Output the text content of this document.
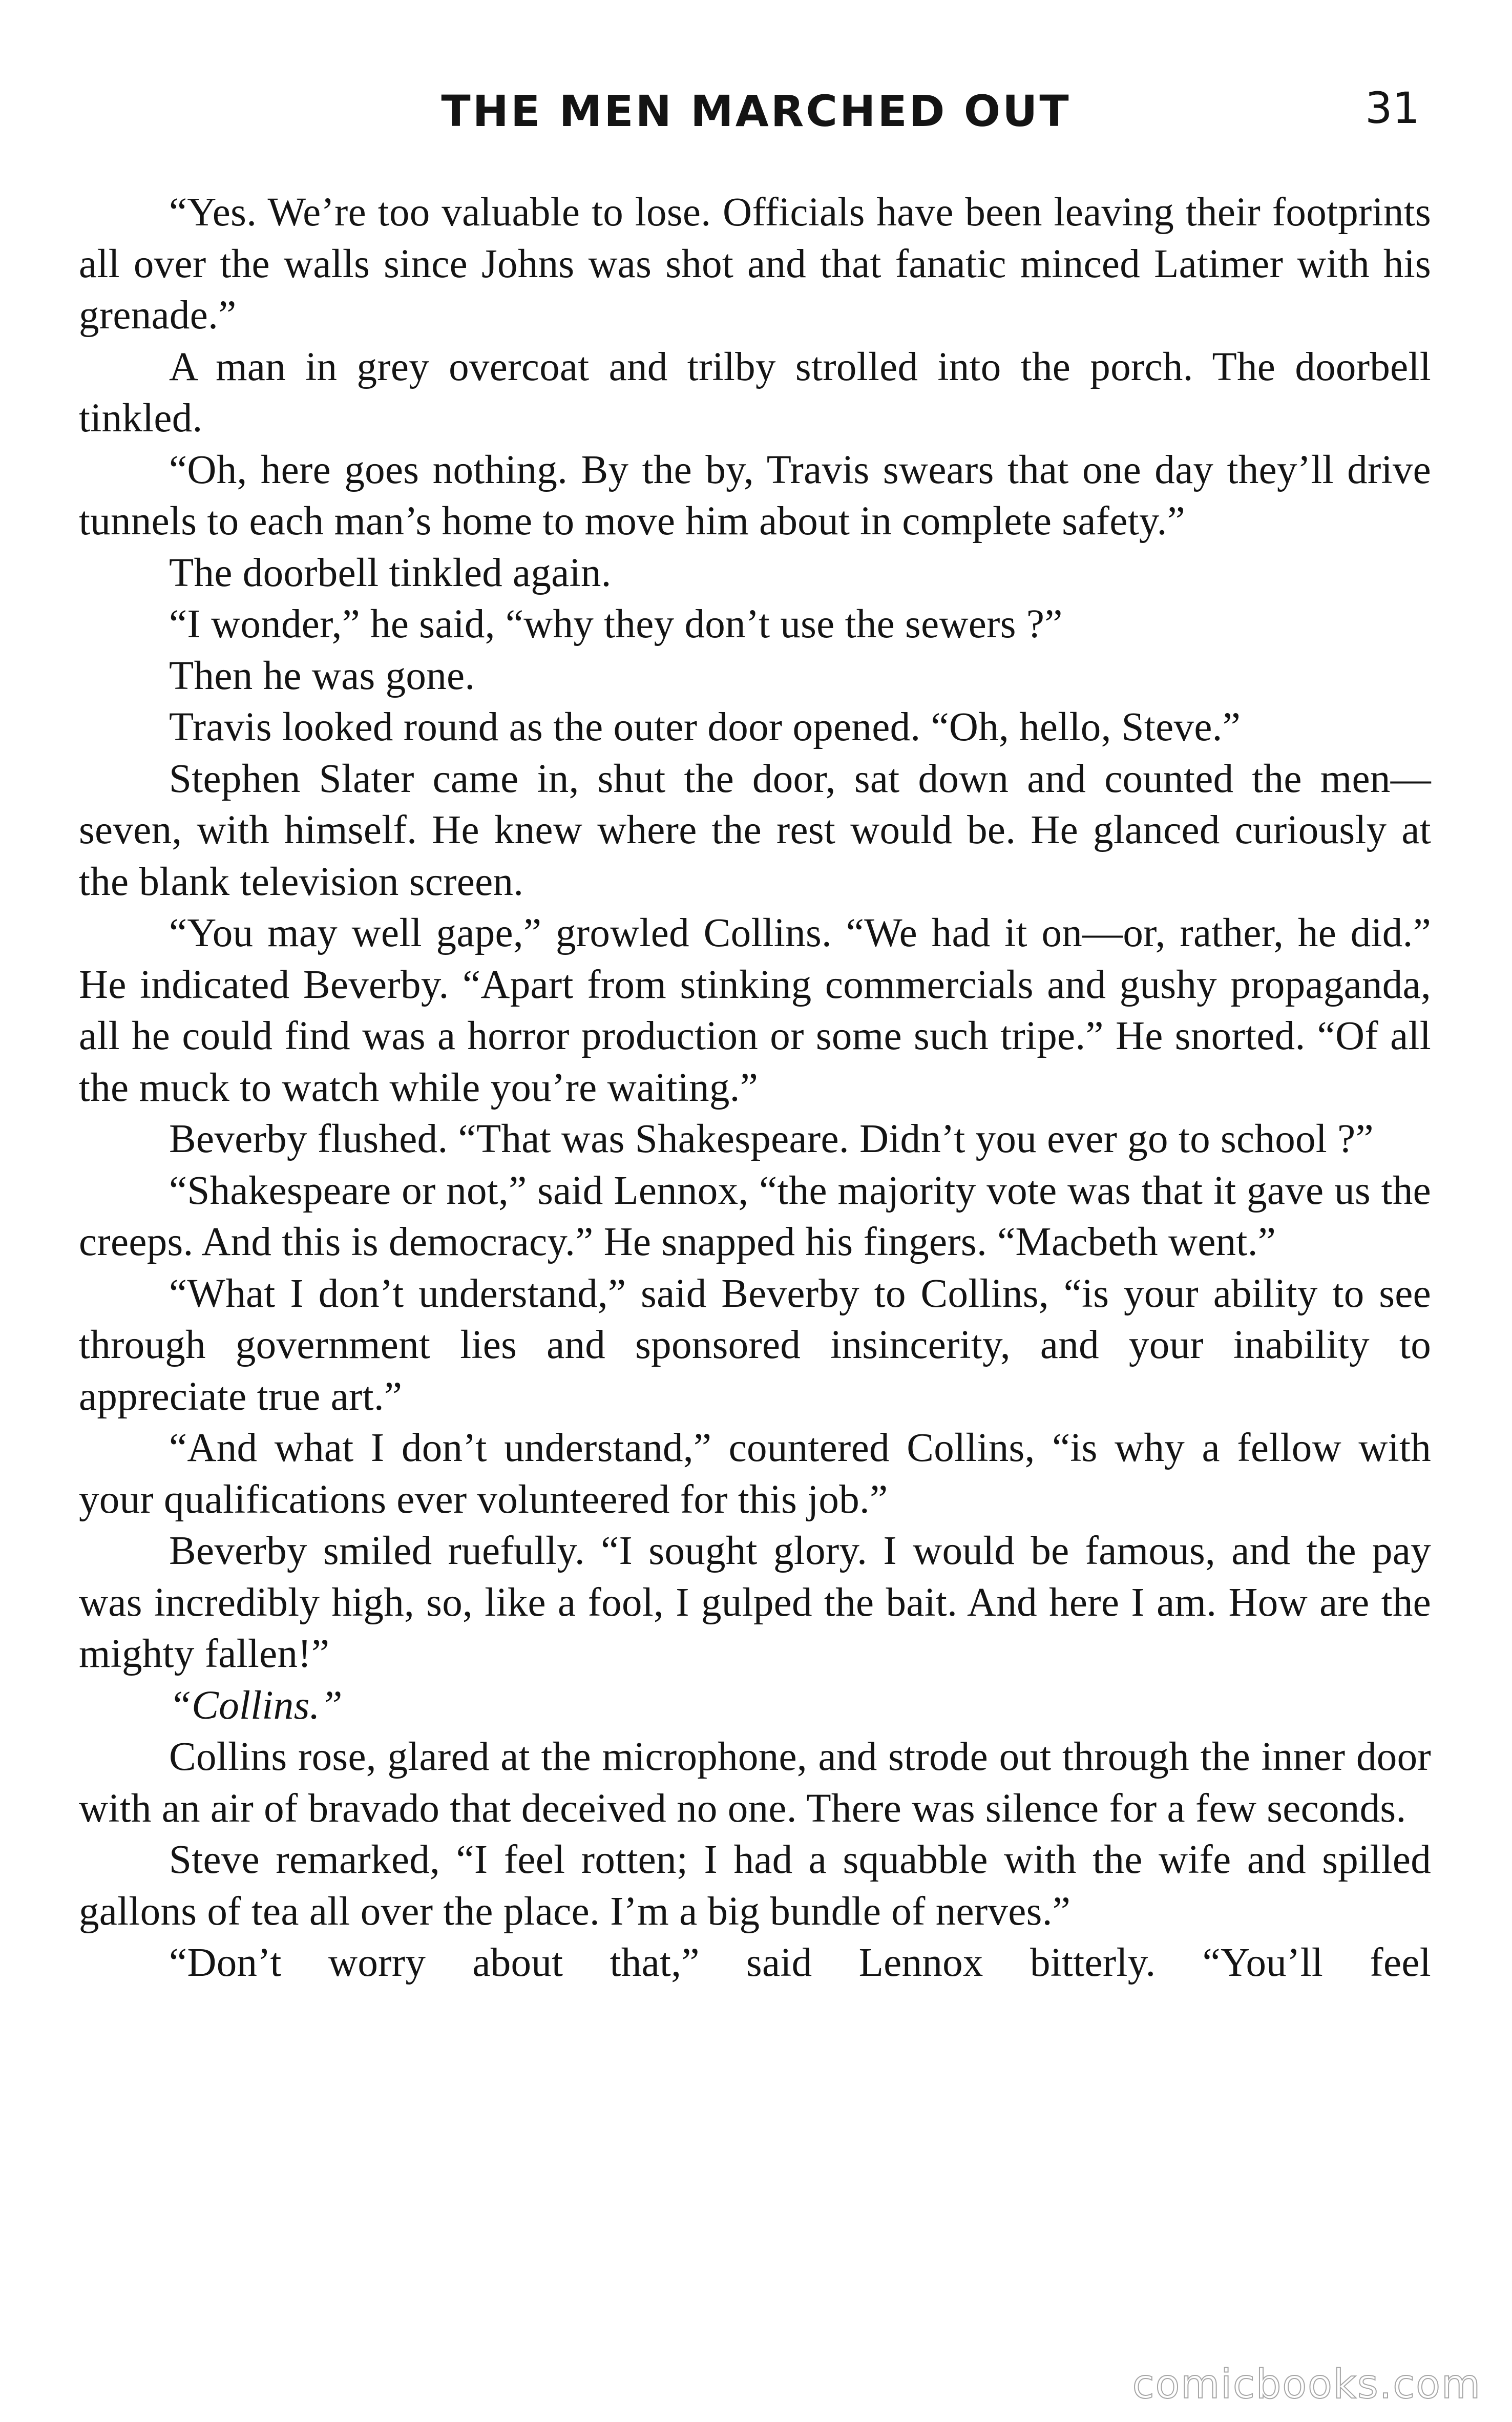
THE MEN MARCHED OUT	31

“Yes. We’re too valuable to lose. Officials have been leaving their footprints all over the walls since Johns was shot and that fanatic minced Latimer with his grenade.”

A man in grey overcoat and trilby strolled into the porch. The doorbell tinkled.

“Oh, here goes nothing. By the by, Travis swears that one day they’ll drive tunnels to each man’s home to move him about in complete safety.”

The doorbell tinkled again.

“I wonder,” he said, “why they don’t use the sewers ?”

Then he was gone.

Travis looked round as the outer door opened. “Oh, hello, Steve.”

Stephen Slater came in, shut the door, sat down and counted the men—seven, with himself. He knew where the rest would be. He glanced curiously at the blank television screen.

“You may well gape,” growled Collins. “We had it on—or, rather, he did.” He indicated Beverby. “Apart from stinking commercials and gushy propaganda, all he could find was a horror production or some such tripe.” He snorted. “Of all the muck to watch while you’re waiting.”

Beverby flushed. “That was Shakespeare. Didn’t you ever go to school ?”

“Shakespeare or not,” said Lennox, “the majority vote was that it gave us the creeps. And this is democracy.” He snapped his fingers. “Macbeth went.”

“What I don’t understand,” said Beverby to Collins, “is your ability to see through government lies and sponsored insincerity, and your inability to appreciate true art.”

“And what I don’t understand,” countered Collins, “is why a fellow with your qualifications ever volunteered for this job.”

Beverby smiled ruefully. “I sought glory. I would be famous, and the pay was incredibly high, so, like a fool, I gulped the bait. And here I am. How are the mighty fallen!”

“Collins.”

Collins rose, glared at the microphone, and strode out through the inner door with an air of bravado that deceived no one. There was silence for a few seconds.

Steve remarked, “I feel rotten; I had a squabble with the wife and spilled gallons of tea all over the place. I’m a big bundle of nerves.”

“Don’t worry about that,” said Lennox bitterly. “You’ll feel

comicbooks.com
